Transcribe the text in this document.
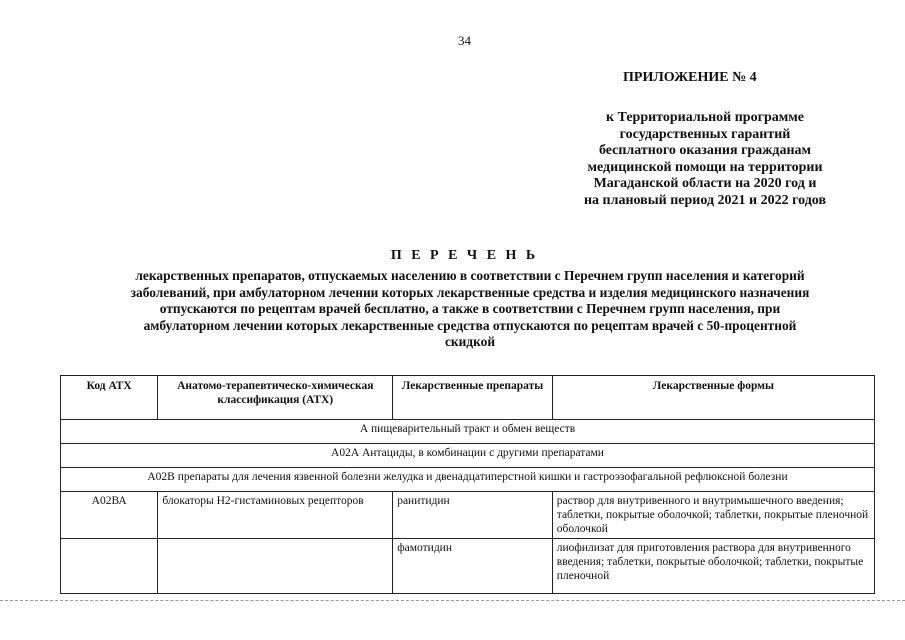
34
ПРИЛОЖЕНИЕ № 4
к Территориальной программе
государственных гарантий
бесплатного оказания гражданам
медицинской помощи на территории
Магаданской области на 2020 год и
на плановый период 2021 и 2022 годов
П Е Р Е Ч Е Н Ь
лекарственных препаратов, отпускаемых населению в соответствии с Перечнем групп населения и категорий
заболеваний, при амбулаторном лечении которых лекарственные средства и изделия медицинского назначения
отпускаются по рецептам врачей бесплатно, а также в соответствии с Перечнем групп населения, при
амбулаторном лечении которых лекарственные средства отпускаются по рецептам врачей с 50-процентной
скидкой
Код АТХ	Анатомо-терапевтическо-химическая классификация (АТХ)	Лекарственные препараты	Лекарственные формы
А пищеварительный тракт и обмен веществ			
А02А Антациды, в комбинации с другими препаратами			
А02В препараты для лечения язвенной болезни желудка и двенадцатиперстной кишки и гастроэзофагальной рефлюксной болезни			
А02ВА	блокаторы Н2-гистаминовых рецепторов	ранитидин	раствор для внутривенного и внутримышечного введения; таблетки, покрытые оболочкой; таблетки, покрытые пленочной оболочкой
		фамотидин	лиофилизат для приготовления раствора для внутривенного введения; таблетки, покрытые оболочкой; таблетки, покрытые пленочной
